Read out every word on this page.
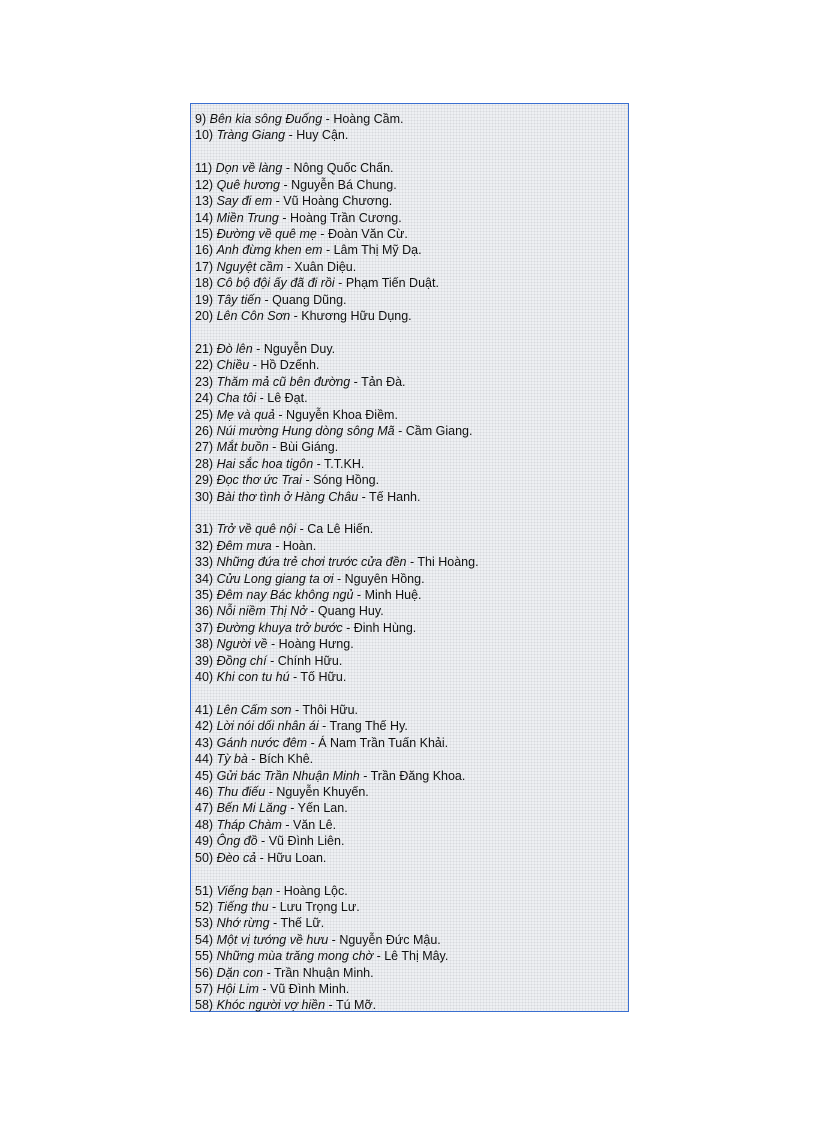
9) Bên kia sông Đuống - Hoàng Cầm.
10) Tràng Giang - Huy Cận.
11) Dọn về làng - Nông Quốc Chấn.
12) Quê hương - Nguyễn Bá Chung.
13) Say đi em - Vũ Hoàng Chương.
14) Miền Trung - Hoàng Trần Cương.
15) Đường về quê mẹ - Đoàn Văn Cừ.
16) Anh đừng khen em - Lâm Thị Mỹ Dạ.
17) Nguyệt cầm - Xuân Diệu.
18) Cô bộ đội ấy đã đi rồi - Phạm Tiến Duật.
19) Tây tiến - Quang Dũng.
20) Lên Côn Sơn - Khương Hữu Dụng.
21) Đò lên - Nguyễn Duy.
22) Chiều - Hồ Dzếnh.
23) Thăm mả cũ bên đường - Tản Đà.
24) Cha tôi - Lê Đạt.
25) Mẹ và quả - Nguyễn Khoa Điềm.
26) Núi mường Hung dòng sông Mã - Cầm Giang.
27) Mắt buồn - Bùi Giáng.
28) Hai sắc hoa tigôn - T.T.KH.
29) Đọc thơ ức Trai - Sóng Hồng.
30) Bài thơ tình ở Hàng Châu - Tế Hanh.
31) Trở về quê nội - Ca Lê Hiến.
32) Đêm mưa - Hoàn.
33) Những đứa trẻ chơi trước cửa đền - Thi Hoàng.
34) Cửu Long giang ta ơi - Nguyên Hồng.
35) Đêm nay Bác không ngủ - Minh Huệ.
36) Nỗi niềm Thị Nở - Quang Huy.
37) Đường khuya trở bước - Đinh Hùng.
38) Người về - Hoàng Hưng.
39) Đồng chí - Chính Hữu.
40) Khi con tu hú - Tố Hữu.
41) Lên Cấm sơn - Thôi Hữu.
42) Lời nói dối nhân ái - Trang Thế Hy.
43) Gánh nước đêm - Á Nam Trần Tuấn Khải.
44) Tỳ bà - Bích Khê.
45) Gửi bác Trần Nhuận Minh - Trần Đăng Khoa.
46) Thu điếu - Nguyễn Khuyến.
47) Bến Mi Lăng - Yến Lan.
48) Tháp Chàm - Văn Lê.
49) Ông đồ - Vũ Đình Liên.
50) Đèo cả - Hữu Loan.
51) Viếng bạn - Hoàng Lộc.
52) Tiếng thu - Lưu Trọng Lư.
53) Nhớ rừng - Thế Lữ.
54) Một vị tướng về hưu - Nguyễn Đức Mậu.
55) Những mùa trăng mong chờ - Lê Thị Mây.
56) Dặn con - Trần Nhuận Minh.
57) Hội Lim - Vũ Đình Minh.
58) Khóc người vợ hiền - Tú Mỡ.
